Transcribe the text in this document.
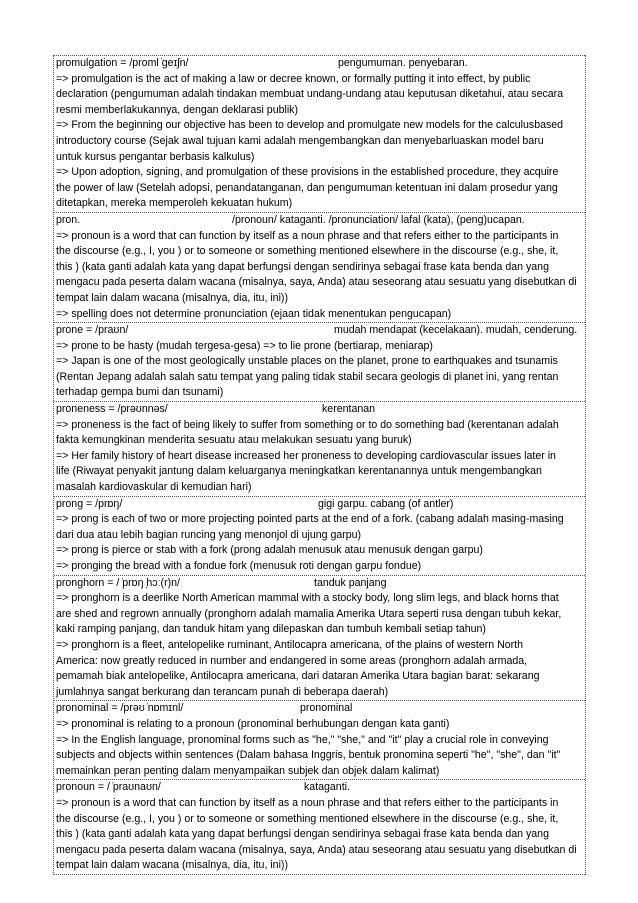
promulgation = /proml ̍geɪʃn/	pengumuman. penyebaran.
=> promulgation is the act of making a law or decree known, or formally putting it into effect, by public
declaration (pengumuman adalah tindakan membuat undang-undang atau keputusan diketahui, atau secara
resmi memberlakukannya, dengan deklarasi publik)
=> From the beginning our objective has been to develop and promulgate new models for the calculusbased
introductory course (Sejak awal tujuan kami adalah mengembangkan dan menyebarluaskan model baru
untuk kursus pengantar berbasis kalkulus)
=> Upon adoption, signing, and promulgation of these provisions in the established procedure, they acquire
the power of law (Setelah adopsi, penandatanganan, dan pengumuman ketentuan ini dalam prosedur yang
ditetapkan, mereka memperoleh kekuatan hukum)
pron.	/pronoun/ kataganti. /pronunciation/ lafal (kata), (peng)ucapan.
=> pronoun is a word that can function by itself as a noun phrase and that refers either to the participants in
the discourse (e.g., I, you ) or to someone or something mentioned elsewhere in the discourse (e.g., she, it,
this ) (kata ganti adalah kata yang dapat berfungsi dengan sendirinya sebagai frase kata benda dan yang
mengacu pada peserta dalam wacana (misalnya, saya, Anda) atau seseorang atau sesuatu yang disebutkan di
tempat lain dalam wacana (misalnya, dia, itu, ini))
=> spelling does not determine pronunciation (ejaan tidak menentukan pengucapan)
prone = /praʊn/	mudah mendapat (kecelakaan). mudah, cenderung.
=> prone to be hasty (mudah tergesa-gesa) => to lie prone (bertiarap, meniarap)
=> Japan is one of the most geologically unstable places on the planet, prone to earthquakes and tsunamis
(Rentan Jepang adalah salah satu tempat yang paling tidak stabil secara geologis di planet ini, yang rentan
terhadap gempa bumi dan tsunami)
proneness = /prəʊnnəs/	kerentanan
=> proneness is the fact of being likely to suffer from something or to do something bad (kerentanan adalah
fakta kemungkinan menderita sesuatu atau melakukan sesuatu yang buruk)
=> Her family history of heart disease increased her proneness to developing cardiovascular issues later in
life (Riwayat penyakit jantung dalam keluarganya meningkatkan kerentanannya untuk mengembangkan
masalah kardiovaskular di kemudian hari)
prong = /prɒŋ/	gigi garpu. cabang (of antler)
=> prong is each of two or more projecting pointed parts at the end of a fork. (cabang adalah masing-masing
dari dua atau lebih bagian runcing yang menonjol di ujung garpu)
=> prong is pierce or stab with a fork (prong adalah menusuk atau menusuk dengan garpu)
=> pronging the bread with a fondue fork (menusuk roti dengan garpu fondue)
pronghorn = / ̍prɒŋ ̩hɔː(r)n/	tanduk panjang
=> pronghorn is a deerlike North American mammal with a stocky body, long slim legs, and black horns that
are shed and regrown annually (pronghorn adalah mamalia Amerika Utara seperti rusa dengan tubuh kekar,
kaki ramping panjang, dan tanduk hitam yang dilepaskan dan tumbuh kembali setiap tahun)
=> pronghorn is a fleet, antelopelike ruminant, Antilocapra americana, of the plains of western North
America: now greatly reduced in number and endangered in some areas (pronghorn adalah armada,
pemamah biak antelopelike, Antilocapra americana, dari dataran Amerika Utara bagian barat: sekarang
jumlahnya sangat berkurang dan terancam punah di beberapa daerah)
pronominal = /prəʊ ̍nɒmɪnl/	pronominal
=> pronominal is relating to a pronoun (pronominal berhubungan dengan kata ganti)
=> In the English language, pronominal forms such as "he," "she," and "it" play a crucial role in conveying
subjects and objects within sentences (Dalam bahasa Inggris, bentuk pronomina seperti "he", "she", dan "it"
memainkan peran penting dalam menyampaikan subjek dan objek dalam kalimat)
pronoun = / ̍praʊnaʊn/	kataganti.
=> pronoun is a word that can function by itself as a noun phrase and that refers either to the participants in
the discourse (e.g., I, you ) or to someone or something mentioned elsewhere in the discourse (e.g., she, it,
this ) (kata ganti adalah kata yang dapat berfungsi dengan sendirinya sebagai frase kata benda dan yang
mengacu pada peserta dalam wacana (misalnya, saya, Anda) atau seseorang atau sesuatu yang disebutkan di
tempat lain dalam wacana (misalnya, dia, itu, ini))
